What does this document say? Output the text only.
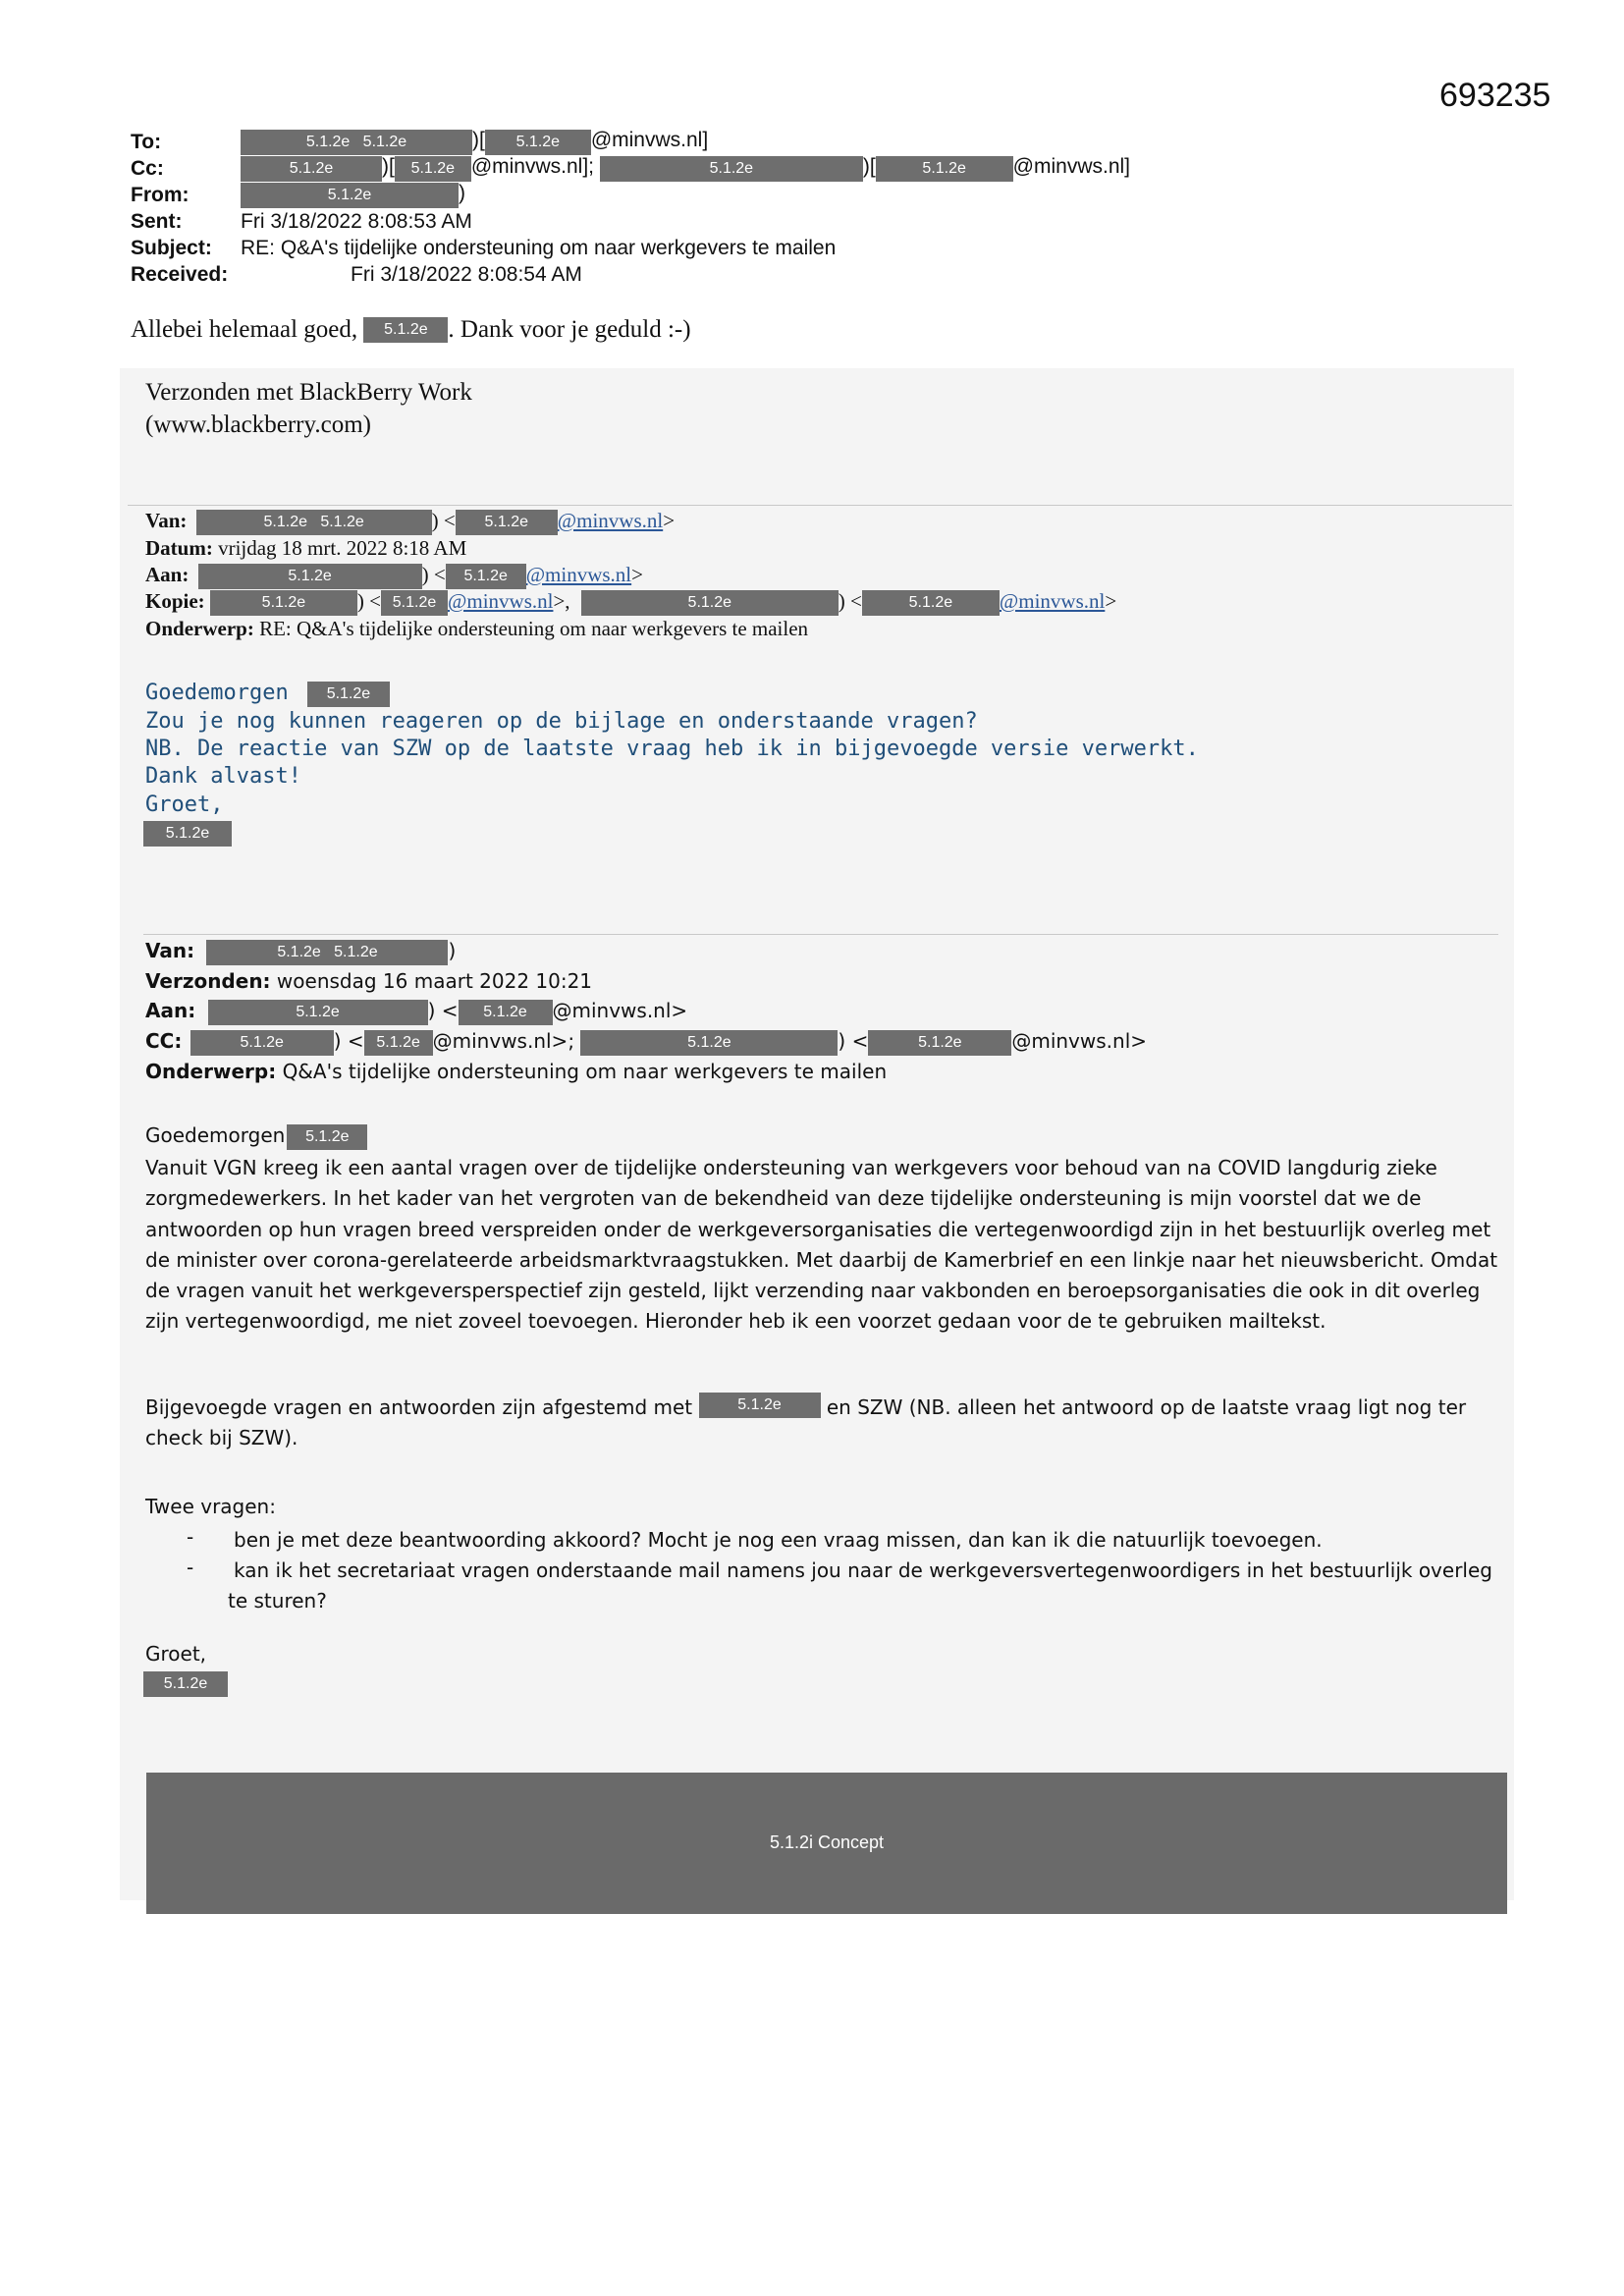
693235
To:	5.1.2e   5.1.2e	)[ 5.1.2e @minvws.nl]
Cc:	5.1.2e )[ 5.1.2e @minvws.nl];	5.1.2e	)[	5.1.2e @minvws.nl]
From:	5.1.2e	)
Sent:	Fri 3/18/2022 8:08:53 AM
Subject: RE: Q&A's tijdelijke ondersteuning om naar werkgevers te mailen
Received:	Fri 3/18/2022 8:08:54 AM
Allebei helemaal goed, 5.1.2e . Dank voor je geduld :-)
Verzonden met BlackBerry Work
(www.blackberry.com)
Van:	5.1.2e   5.1.2e	) < 5.1.2e @minvws.nl>
Datum: vrijdag 18 mrt. 2022 8:18 AM
Aan:	5.1.2e	) < 5.1.2e @minvws.nl>
Kopie:	5.1.2e	) < 5.1.2e @minvws.nl>,	5.1.2e	) <	5.1.2e @minvws.nl>
Onderwerp: RE: Q&A's tijdelijke ondersteuning om naar werkgevers te mailen
Goedemorgen 5.1.2e
Zou je nog kunnen reageren op de bijlage en onderstaande vragen?
NB. De reactie van SZW op de laatste vraag heb ik in bijgevoegde versie verwerkt.
Dank alvast!
Groet,
5.1.2e
Van:	5.1.2e   5.1.2e	)
Verzonden: woensdag 16 maart 2022 10:21
Aan:	5.1.2e	) < 5.1.2e @minvws.nl>
CC:	5.1.2e	) < 5.1.2e @minvws.nl>;	5.1.2e	) <	5.1.2e	@minvws.nl>
Onderwerp: Q&A's tijdelijke ondersteuning om naar werkgevers te mailen
Goedemorgen 5.1.2e
Vanuit VGN kreeg ik een aantal vragen over de tijdelijke ondersteuning van werkgevers voor behoud van na COVID langdurig zieke zorgmedewerkers. In het kader van het vergroten van de bekendheid van deze tijdelijke ondersteuning is mijn voorstel dat we de antwoorden op hun vragen breed verspreiden onder de werkgeversorganisaties die vertegenwoordigd zijn in het bestuurlijk overleg met de minister over corona-gerelateerde arbeidsmarktvraagstukken. Met daarbij de Kamerbrief en een linkje naar het nieuwsbericht. Omdat de vragen vanuit het werkgeversperspectief zijn gesteld, lijkt verzending naar vakbonden en beroepsorganisaties die ook in dit overleg zijn vertegenwoordigd, me niet zoveel toevoegen. Hieronder heb ik een voorzet gedaan voor de te gebruiken mailtekst.
Bijgevoegde vragen en antwoorden zijn afgestemd met	5.1.2e en SZW (NB. alleen het antwoord op de laatste vraag ligt nog ter check bij SZW).
Twee vragen:
- ben je met deze beantwoording akkoord? Mocht je nog een vraag missen, dan kan ik die natuurlijk toevoegen.
-	kan ik het secretariaat vragen onderstaande mail namens jou naar de werkgeversvertegenwoordigers in het bestuurlijk overleg te sturen?
Groet,
5.1.2e
5.1.2i Concept
